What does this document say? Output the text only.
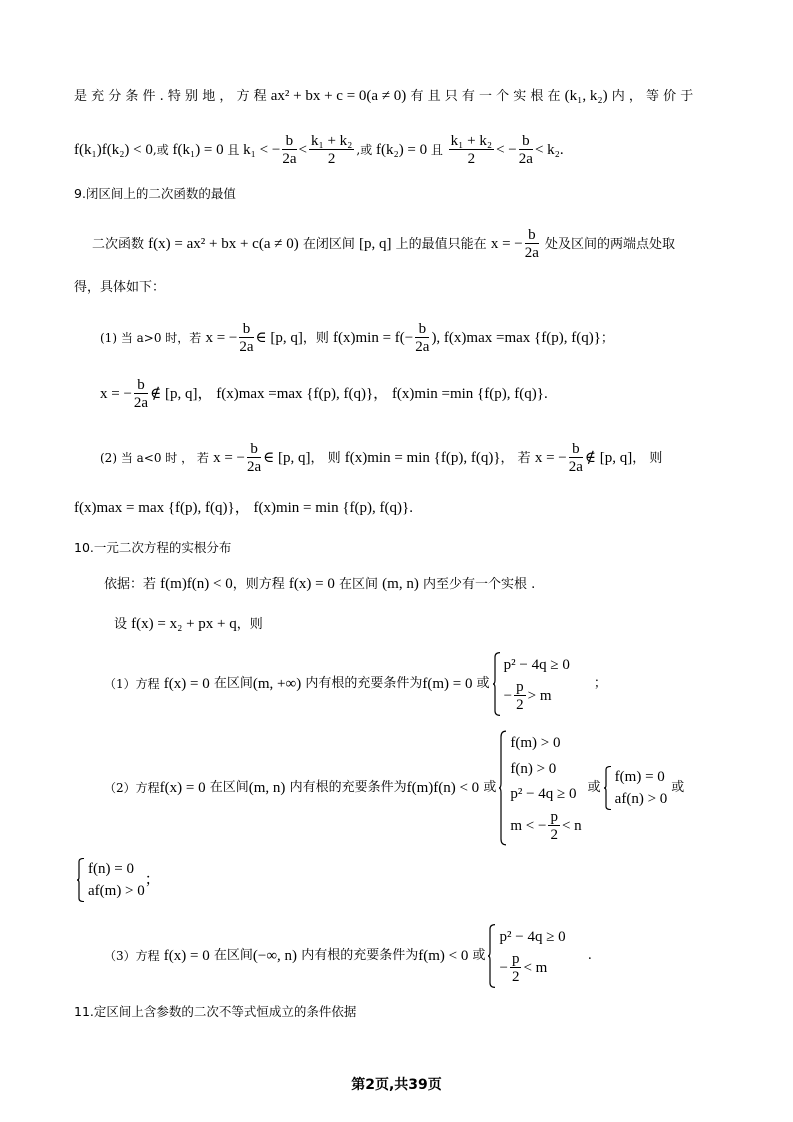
是 充 分 条 件 . 特 别 地 ， 方 程 ax² + bx + c = 0(a ≠ 0) 有 且 只 有 一 个 实 根 在 (k₁, k₂) 内 ， 等 价 于
f(k₁)f(k₂) < 0,或 f(k₁) = 0 且 k₁ < − $\frac{b}{2a} < \frac{\text{k₁ + k₂}}{2}$ ,或 f(k₂) = 0 且 $\frac{\text{k₁ + k₂}}{2}$ < − $\frac{b}{2a} < k_2$.
9.闭区间上的二次函数的最值
二次函数 f(x) = ax² + bx + c(a ≠ 0) 在闭区间 [p, q] 上的最值只能在 x = − $\frac{b}{2a}$ 处及区间的两端点处取
得，具体如下：
(1) 当 a>0 时，若 x = − $\frac{b}{2a}$ ∈ [p, q]，则 $f(x)\min = f(- \frac{b}{2a}$ ), f(x)max =max {f(p), f(q)}；
x = − $\frac{b}{2a}$ ∉ [p, q]， f(x)max =max {f(p), f(q)}， f(x)min =min {f(p), f(q)}.
(2) 当 a<0 时 ， 若 x = − $\frac{b}{2a}$ ∈ [p, q]， 则 f(x)min = min {f(p), f(q)}， 若 x = − $\frac{b}{2a}$ ∉ [p, q]， 则
f(x)max = max {f(p), f(q)}， f(x)min = min {f(p), f(q)}.
10.一元二次方程的实根分布
依据：若 f(m)f(n) < 0，则方程 f(x) = 0 在区间 (m, n) 内至少有一个实根 .
设 f(x) = x₂ + px + q，则
（1）方程
f(x) = 0
在区间 (m, +∞)
内有根的充要条件为 f(m) = 0
或
p² − 4q ≥ 0
− $\frac{p}{2} > m$
；
（2）方程 f(x) = 0
在区间 (m, n)
内有根的充要条件为 f(m)f(n) < 0
或
f(m) > 0
f(n) > 0
p² − 4q ≥ 0
m < − $\frac{p}{2} < n$
或
f(m) = 0
af(n) > 0
或
f(n) = 0
af(m) > 0
；
（3）方程
f(x) = 0
在区间 (−∞, n)
内有根的充要条件为 f(m) < 0
或
p² − 4q ≥ 0
− $\frac{p}{2} < m$
.
11.定区间上含参数的二次不等式恒成立的条件依据
第2页,共39页
